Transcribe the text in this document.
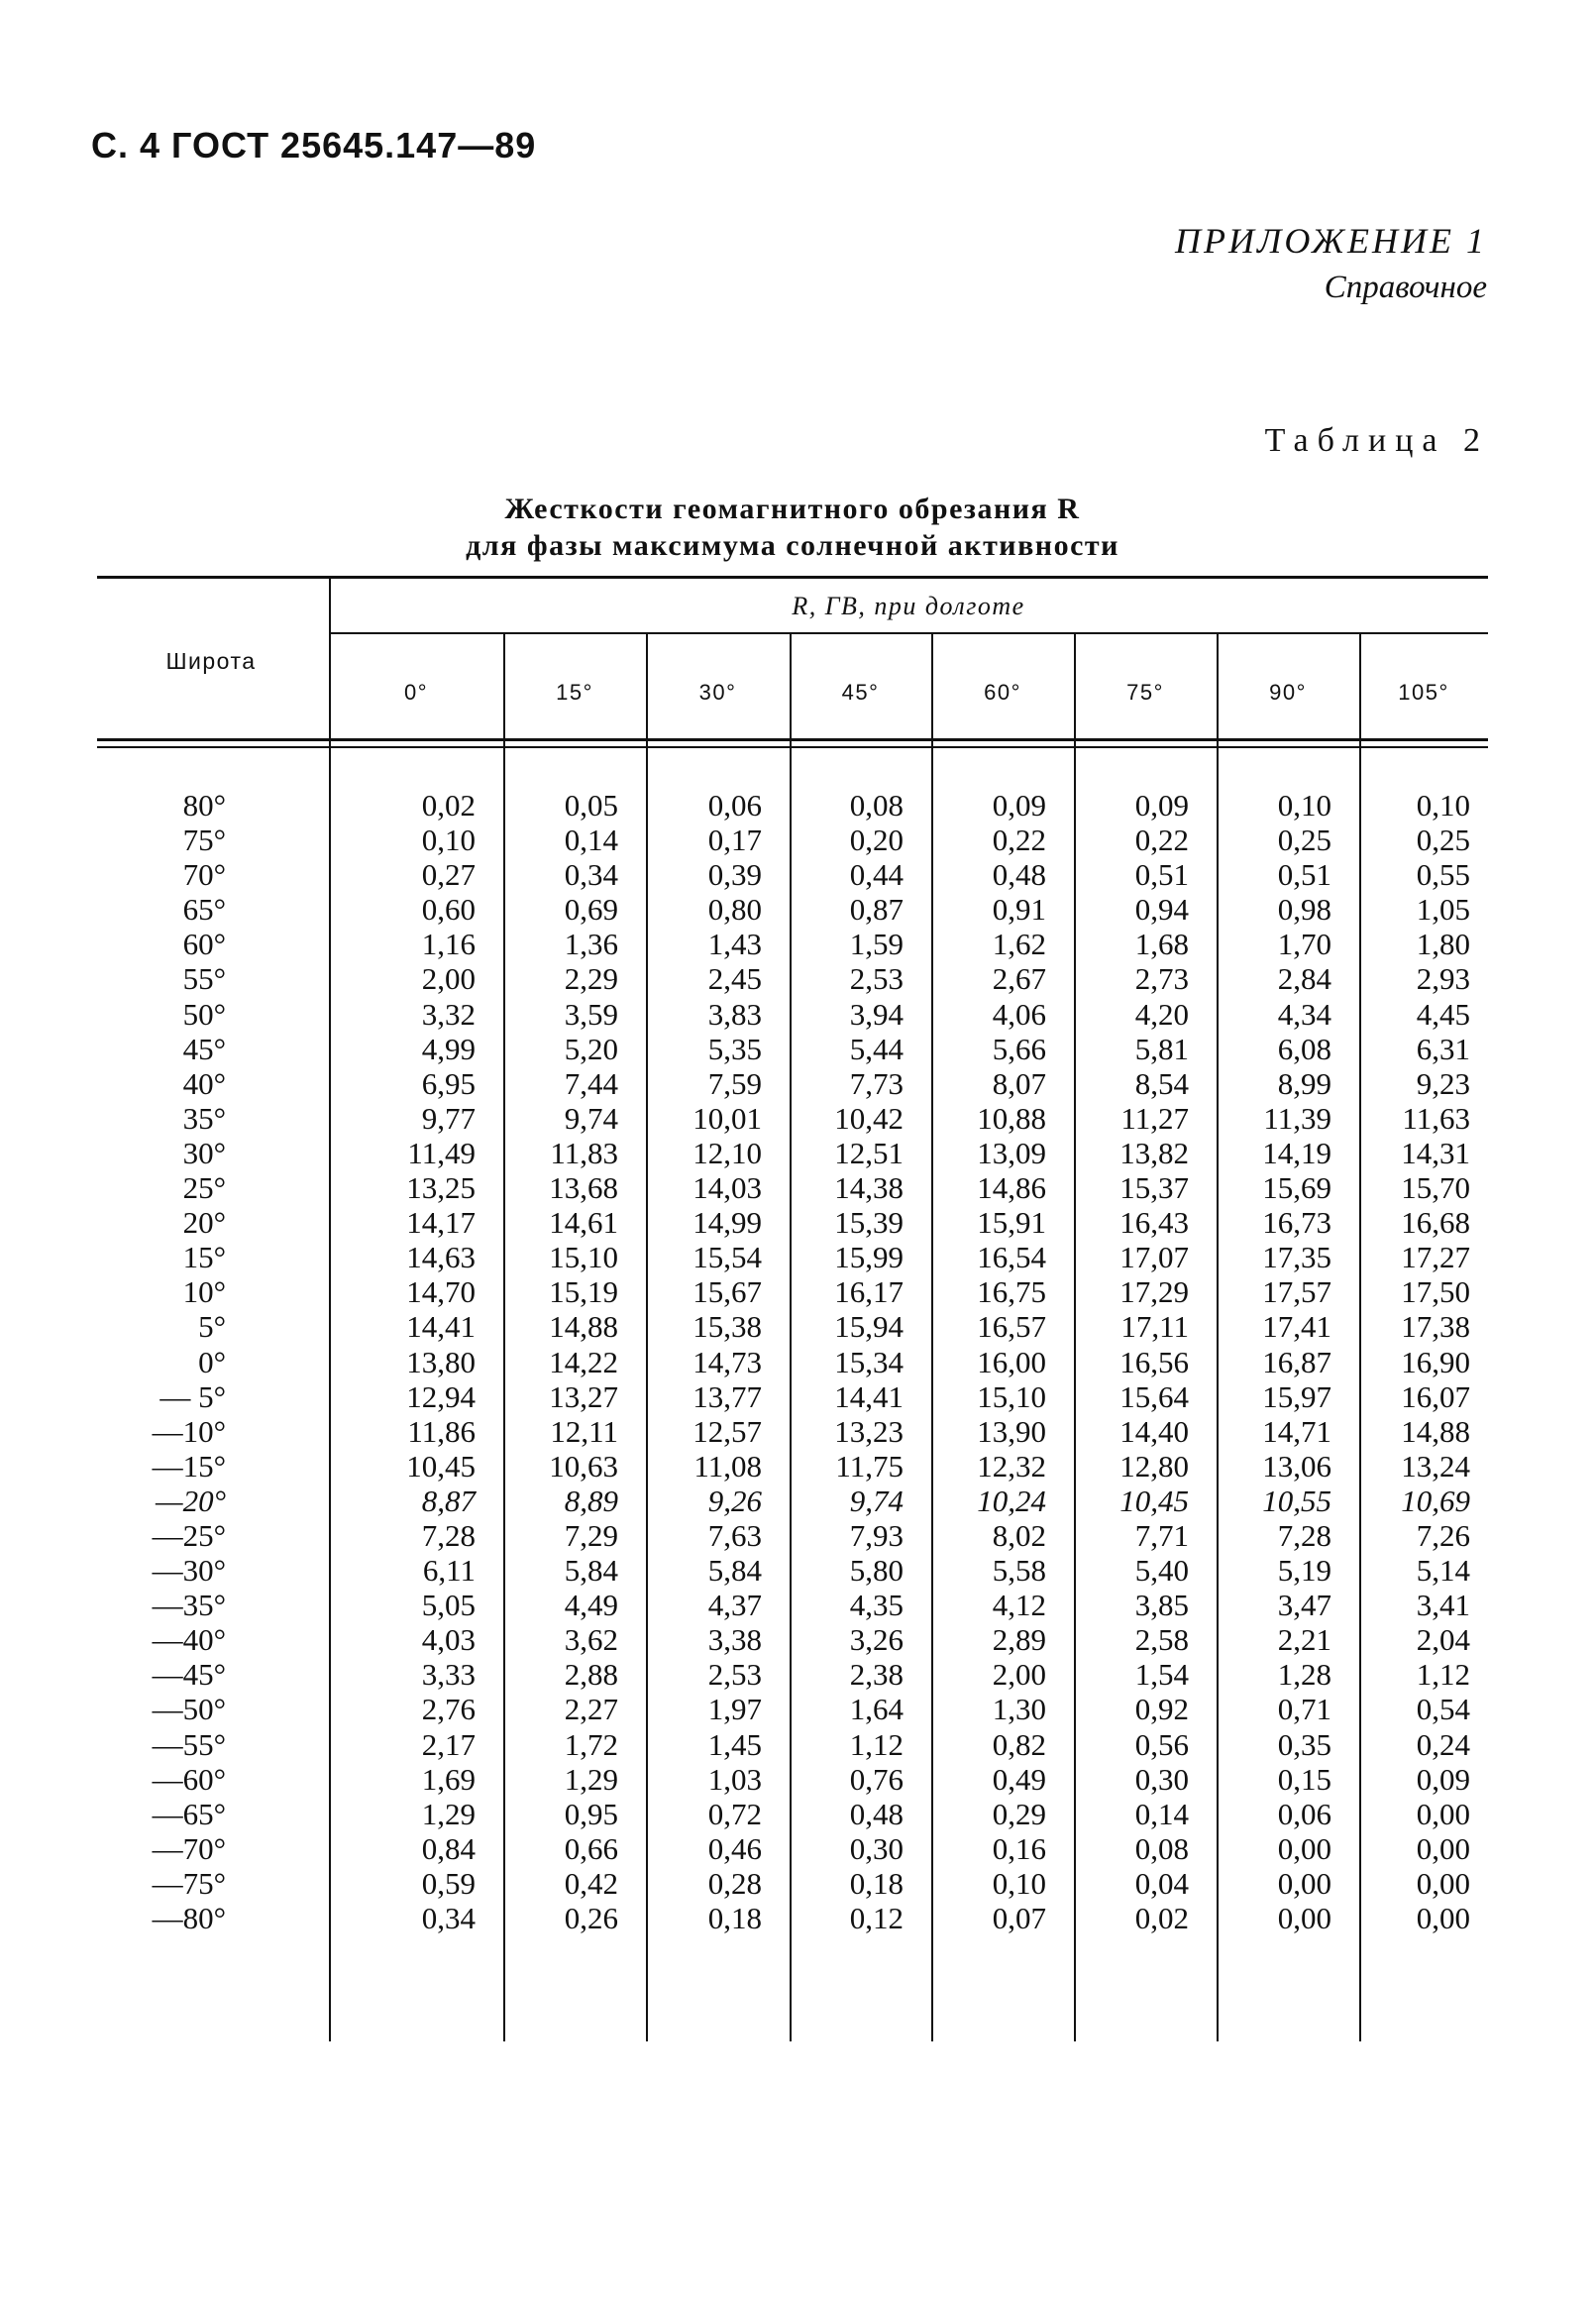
С. 4 ГОСТ 25645.147—89
ПРИЛОЖЕНИЕ 1
Справочное
Таблица 2
Жесткости геомагнитного обрезания R
для фазы максимума солнечной активности
Широта
R, ГВ, при долготе
0°	15°	30°	45°	60°	75°	90°	105°
80°	0,02	0,05	0,06	0,08	0,09	0,09	0,10	0,10
75°	0,10	0,14	0,17	0,20	0,22	0,22	0,25	0,25
70°	0,27	0,34	0,39	0,44	0,48	0,51	0,51	0,55
65°	0,60	0,69	0,80	0,87	0,91	0,94	0,98	1,05
60°	1,16	1,36	1,43	1,59	1,62	1,68	1,70	1,80
55°	2,00	2,29	2,45	2,53	2,67	2,73	2,84	2,93
50°	3,32	3,59	3,83	3,94	4,06	4,20	4,34	4,45
45°	4,99	5,20	5,35	5,44	5,66	5,81	6,08	6,31
40°	6,95	7,44	7,59	7,73	8,07	8,54	8,99	9,23
35°	9,77	9,74	10,01	10,42	10,88	11,27	11,39	11,63
30°	11,49	11,83	12,10	12,51	13,09	13,82	14,19	14,31
25°	13,25	13,68	14,03	14,38	14,86	15,37	15,69	15,70
20°	14,17	14,61	14,99	15,39	15,91	16,43	16,73	16,68
15°	14,63	15,10	15,54	15,99	16,54	17,07	17,35	17,27
10°	14,70	15,19	15,67	16,17	16,75	17,29	17,57	17,50
5°	14,41	14,88	15,38	15,94	16,57	17,11	17,41	17,38
0°	13,80	14,22	14,73	15,34	16,00	16,56	16,87	16,90
— 5°	12,94	13,27	13,77	14,41	15,10	15,64	15,97	16,07
—10°	11,86	12,11	12,57	13,23	13,90	14,40	14,71	14,88
—15°	10,45	10,63	11,08	11,75	12,32	12,80	13,06	13,24
—20°	8,87	8,89	9,26	9,74	10,24	10,45	10,55	10,69
—25°	7,28	7,29	7,63	7,93	8,02	7,71	7,28	7,26
—30°	6,11	5,84	5,84	5,80	5,58	5,40	5,19	5,14
—35°	5,05	4,49	4,37	4,35	4,12	3,85	3,47	3,41
—40°	4,03	3,62	3,38	3,26	2,89	2,58	2,21	2,04
—45°	3,33	2,88	2,53	2,38	2,00	1,54	1,28	1,12
—50°	2,76	2,27	1,97	1,64	1,30	0,92	0,71	0,54
—55°	2,17	1,72	1,45	1,12	0,82	0,56	0,35	0,24
—60°	1,69	1,29	1,03	0,76	0,49	0,30	0,15	0,09
—65°	1,29	0,95	0,72	0,48	0,29	0,14	0,06	0,00
—70°	0,84	0,66	0,46	0,30	0,16	0,08	0,00	0,00
—75°	0,59	0,42	0,28	0,18	0,10	0,04	0,00	0,00
—80°	0,34	0,26	0,18	0,12	0,07	0,02	0,00	0,00
